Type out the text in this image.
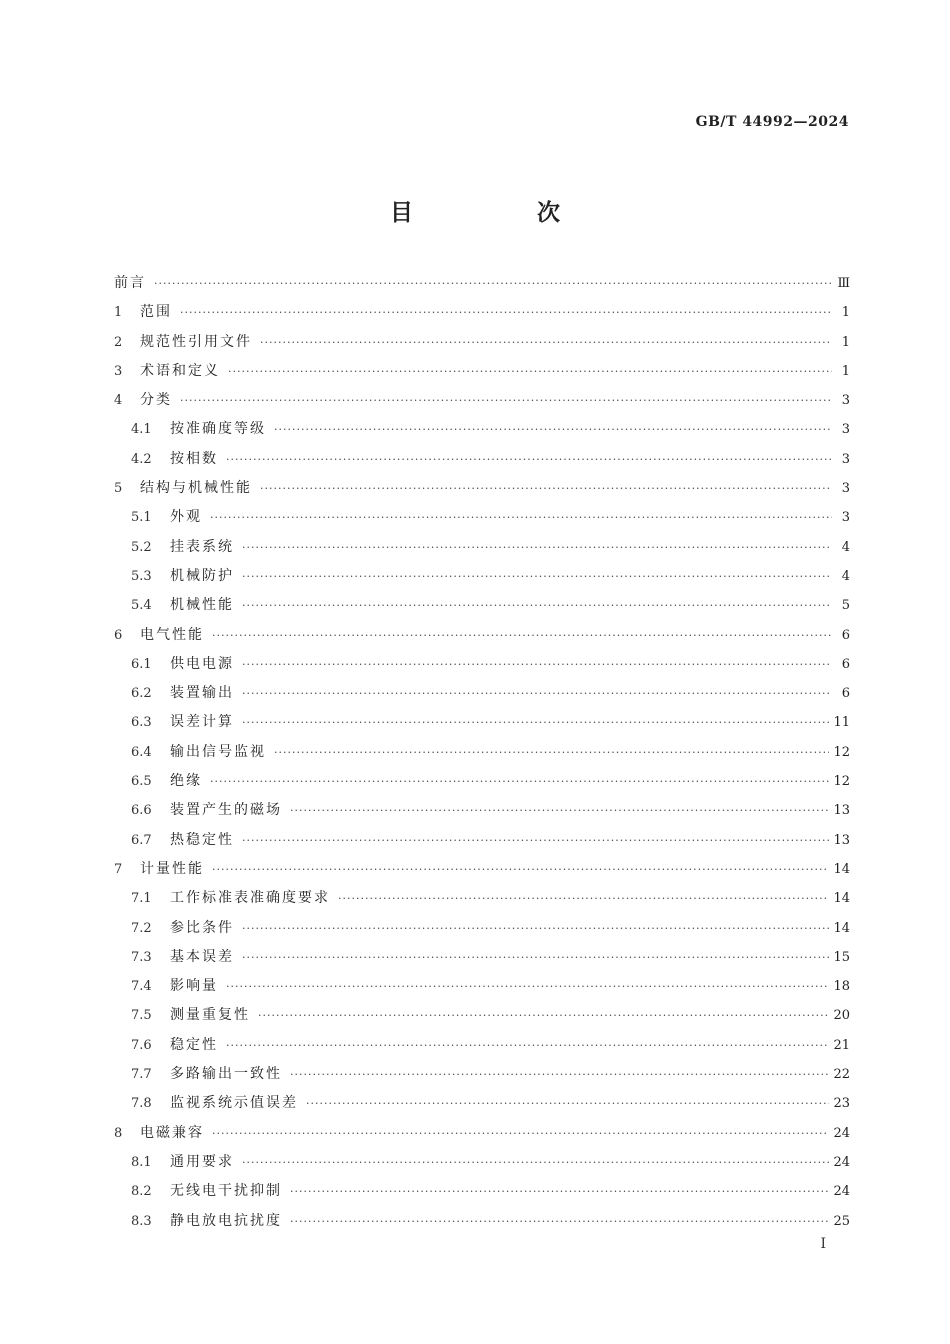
GB/T 44992—2024
目 次
前言 ·····	Ⅲ
1	范围 ·····	1
2	规范性引用文件 ·····	1
3	术语和定义 ·····	1
4	分类 ·····	3
4.1	按准确度等级 ·····	3
4.2	按相数 ·····	3
5	结构与机械性能 ·····	3
5.1	外观 ·····	3
5.2	挂表系统 ·····	4
5.3	机械防护 ·····	4
5.4	机械性能 ·····	5
6	电气性能 ·····	6
6.1	供电电源 ·····	6
6.2	装置输出 ·····	6
6.3	误差计算 ·····	11
6.4	输出信号监视 ·····	12
6.5	绝缘 ·····	12
6.6	装置产生的磁场 ·····	13
6.7	热稳定性 ·····	13
7	计量性能 ·····	14
7.1	工作标准表准确度要求 ·····	14
7.2	参比条件 ·····	14
7.3	基本误差 ·····	15
7.4	影响量 ·····	18
7.5	测量重复性 ·····	20
7.6	稳定性 ·····	21
7.7	多路输出一致性 ·····	22
7.8	监视系统示值误差 ·····	23
8	电磁兼容 ·····	24
8.1	通用要求 ·····	24
8.2	无线电干扰抑制 ·····	24
8.3	静电放电抗扰度 ·····	25
I
